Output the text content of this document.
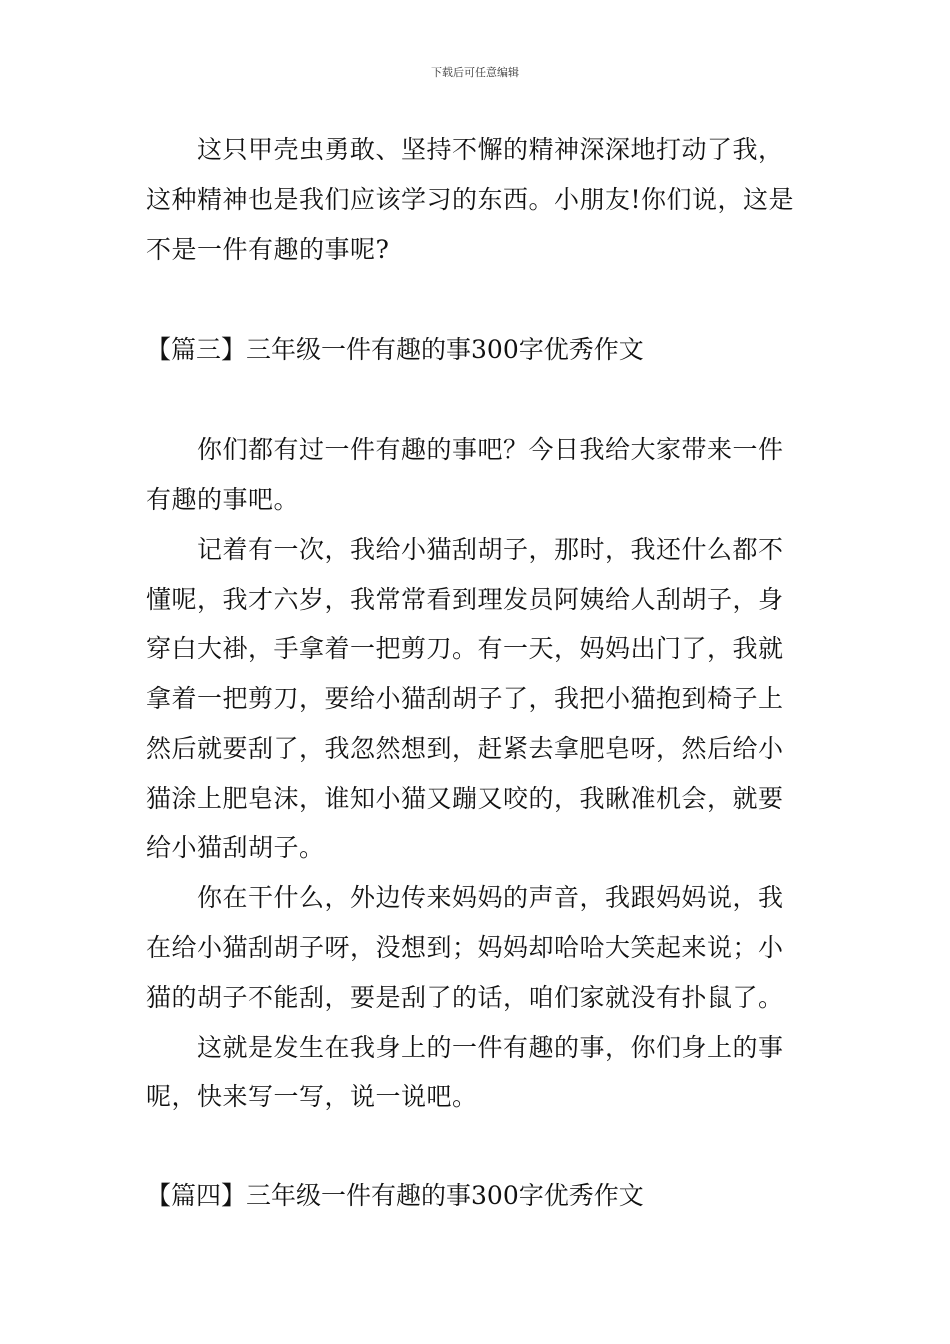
下载后可任意编辑
这只甲壳虫勇敢、坚持不懈的精神深深地打动了我，
这种精神也是我们应该学习的东西。小朋友!你们说，这是
不是一件有趣的事呢?
【篇三】三年级一件有趣的事300字优秀作文
你们都有过一件有趣的事吧？今日我给大家带来一件
有趣的事吧。
记着有一次，我给小猫刮胡子，那时，我还什么都不
懂呢，我才六岁，我常常看到理发员阿姨给人刮胡子，身
穿白大褂，手拿着一把剪刀。有一天，妈妈出门了，我就
拿着一把剪刀，要给小猫刮胡子了，我把小猫抱到椅子上
然后就要刮了，我忽然想到，赶紧去拿肥皂呀，然后给小
猫涂上肥皂沫，谁知小猫又蹦又咬的，我瞅准机会，就要
给小猫刮胡子。
你在干什么，外边传来妈妈的声音，我跟妈妈说，我
在给小猫刮胡子呀，没想到；妈妈却哈哈大笑起来说；小
猫的胡子不能刮，要是刮了的话，咱们家就没有扑鼠了。
这就是发生在我身上的一件有趣的事，你们身上的事
呢，快来写一写，说一说吧。
【篇四】三年级一件有趣的事300字优秀作文
